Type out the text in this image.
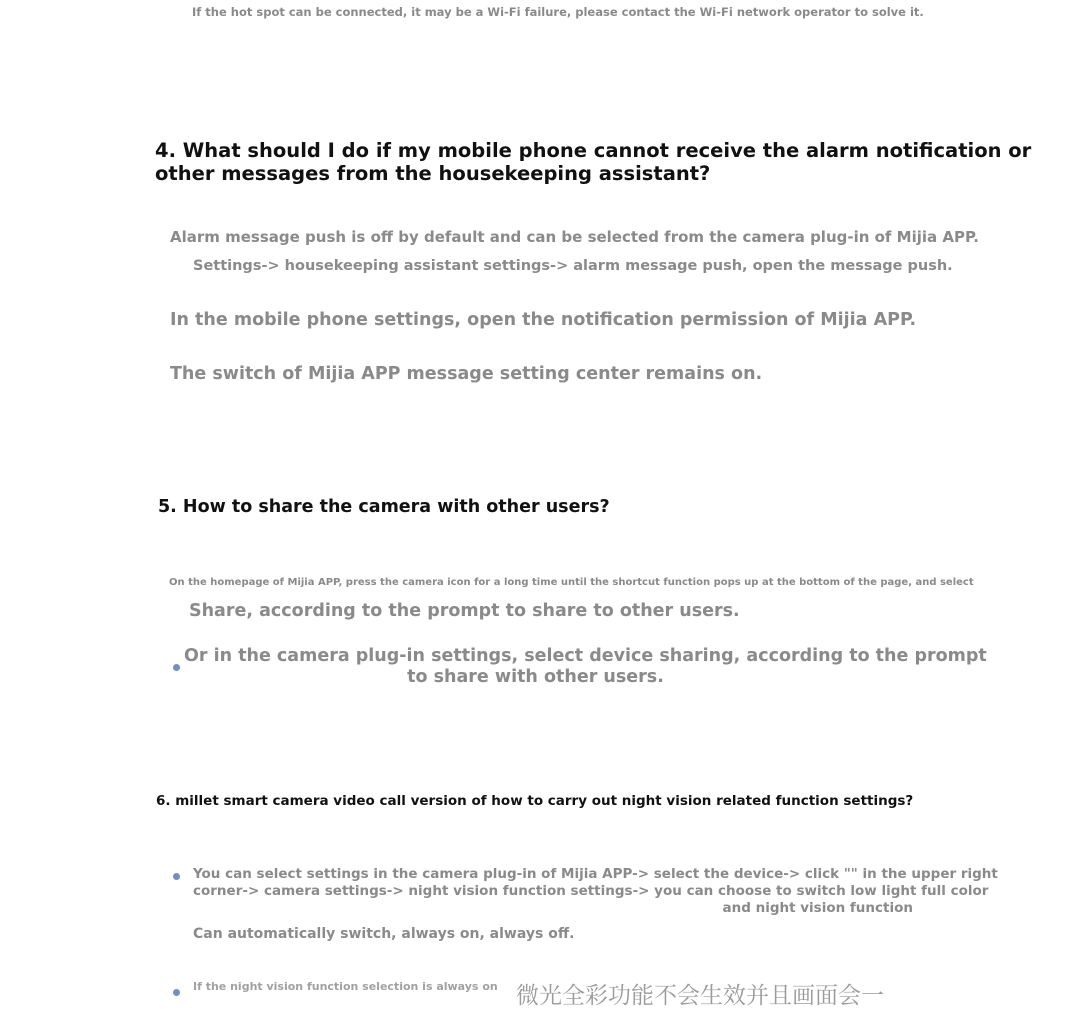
If the hot spot can be connected, it may be a Wi-Fi failure, please contact the Wi-Fi network operator to solve it.
4. What should I do if my mobile phone cannot receive the alarm notification or
other messages from the housekeeping assistant?
Alarm message push is off by default and can be selected from the camera plug-in of Mijia APP.
Settings-> housekeeping assistant settings-> alarm message push, open the message push.
In the mobile phone settings, open the notification permission of Mijia APP.
The switch of Mijia APP message setting center remains on.
5. How to share the camera with other users?
On the homepage of Mijia APP, press the camera icon for a long time until the shortcut function pops up at the bottom of the page, and select
Share, according to the prompt to share to other users.
Or in the camera plug-in settings, select device sharing, according to the prompt
to share with other users.
6. millet smart camera video call version of how to carry out night vision related function settings?
You can select settings in the camera plug-in of Mijia APP-> select the device-> click "" in the upper right
corner-> camera settings-> night vision function settings-> you can choose to switch low light full color
and night vision function
Can automatically switch, always on, always off.
If the night vision function selection is always on 微光全彩功能不会生效并且画面会一
